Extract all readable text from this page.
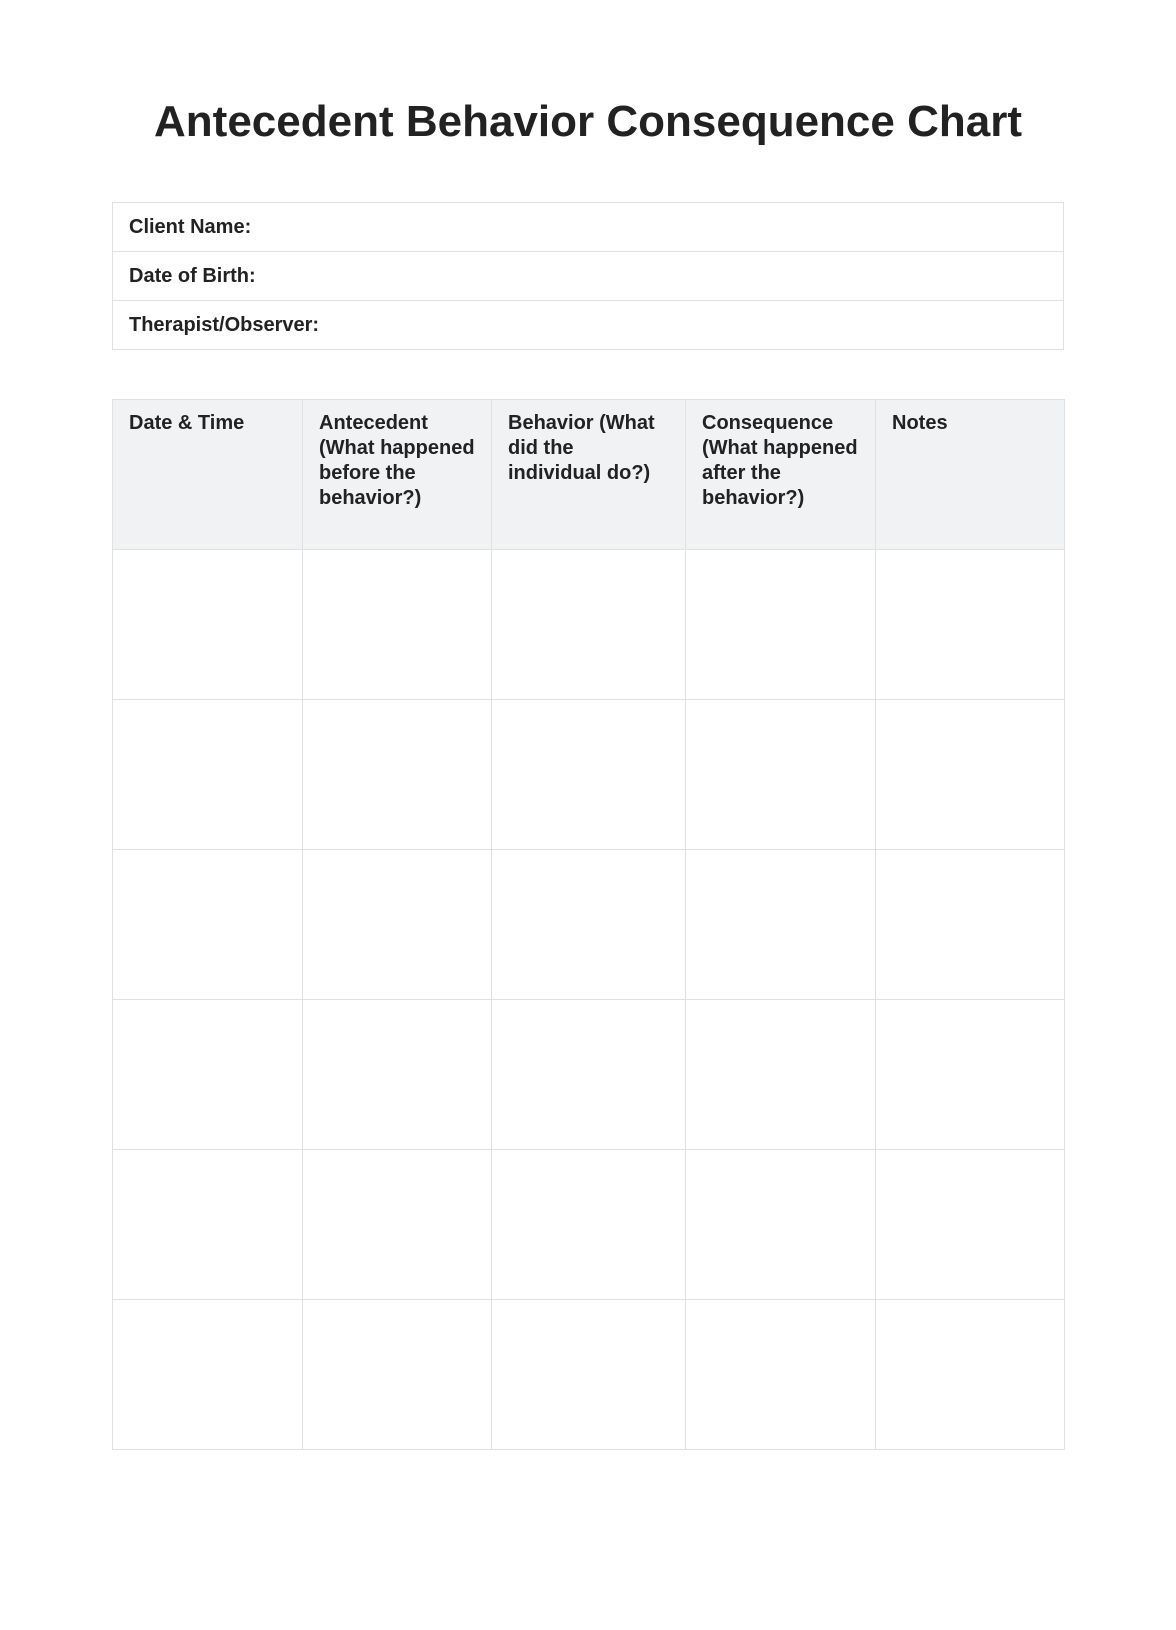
Antecedent Behavior Consequence Chart
Client Name:
Date of Birth:
Therapist/Observer:
Date & Time	Antecedent (What happened before the behavior?)	Behavior (What did the individual do?)	Consequence (What happened after the behavior?)	Notes
